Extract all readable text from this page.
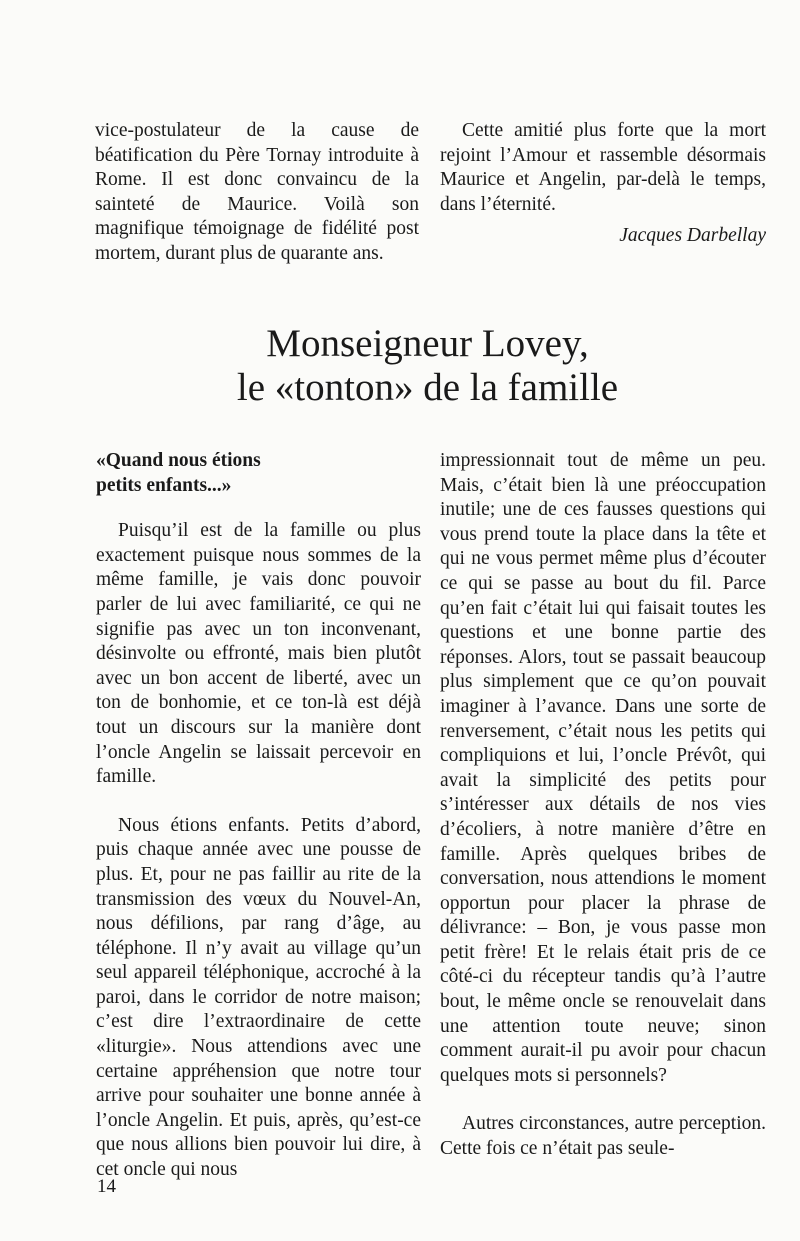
vice-postulateur de la cause de béatification du Père Tornay introduite à Rome. Il est donc convaincu de la sainteté de Maurice. Voilà son magnifique témoignage de fidélité post mortem, durant plus de quarante ans.

Cette amitié plus forte que la mort rejoint l’Amour et rassemble désormais Maurice et Angelin, par-delà le temps, dans l’éternité.

Jacques Darbellay

Monseigneur Lovey,
le «tonton» de la famille

«Quand nous étions
petits enfants...»

Puisqu’il est de la famille ou plus exactement puisque nous sommes de la même famille, je vais donc pouvoir parler de lui avec familiarité, ce qui ne signifie pas avec un ton inconvenant, désinvolte ou effronté, mais bien plutôt avec un bon accent de liberté, avec un ton de bonhomie, et ce ton-là est déjà tout un discours sur la manière dont l’oncle Angelin se laissait percevoir en famille.

Nous étions enfants. Petits d’abord, puis chaque année avec une pousse de plus. Et, pour ne pas faillir au rite de la transmission des vœux du Nouvel-An, nous défilions, par rang d’âge, au téléphone. Il n’y avait au village qu’un seul appareil téléphonique, accroché à la paroi, dans le corridor de notre maison; c’est dire l’extraordinaire de cette «liturgie». Nous attendions avec une certaine appréhension que notre tour arrive pour souhaiter une bonne année à l’oncle Angelin. Et puis, après, qu’est-ce que nous allions bien pouvoir lui dire, à cet oncle qui nous

impressionnait tout de même un peu. Mais, c’était bien là une préoccupation inutile; une de ces fausses questions qui vous prend toute la place dans la tête et qui ne vous permet même plus d’écouter ce qui se passe au bout du fil. Parce qu’en fait c’était lui qui faisait toutes les questions et une bonne partie des réponses. Alors, tout se passait beaucoup plus simplement que ce qu’on pouvait imaginer à l’avance. Dans une sorte de renversement, c’était nous les petits qui compliquions et lui, l’oncle Prévôt, qui avait la simplicité des petits pour s’intéresser aux détails de nos vies d’écoliers, à notre manière d’être en famille. Après quelques bribes de conversation, nous attendions le moment opportun pour placer la phrase de délivrance: – Bon, je vous passe mon petit frère! Et le relais était pris de ce côté-ci du récepteur tandis qu’à l’autre bout, le même oncle se renouvelait dans une attention toute neuve; sinon comment aurait-il pu avoir pour chacun quelques mots si personnels?

Autres circonstances, autre perception. Cette fois ce n’était pas seule-

14
